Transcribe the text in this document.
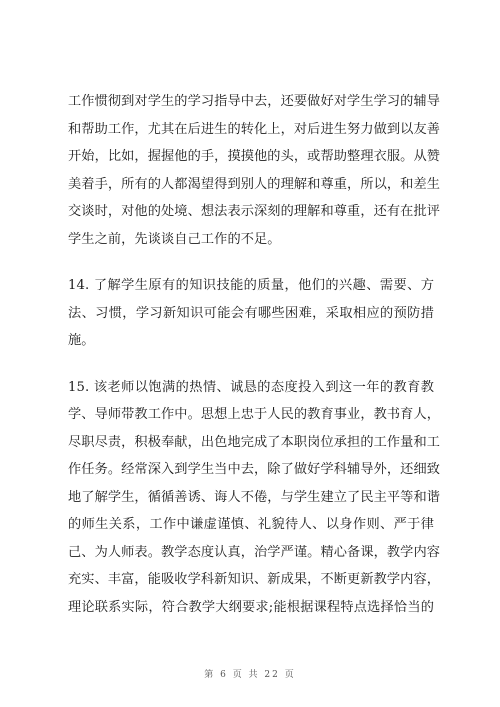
工作惯彻到对学生的学习指导中去，还要做好对学生学习的辅导
和帮助工作，尤其在后进生的转化上，对后进生努力做到以友善
开始，比如，握握他的手，摸摸他的头，或帮助整理衣服。从赞
美着手，所有的人都渴望得到别人的理解和尊重，所以，和差生
交谈时，对他的处境、想法表示深刻的理解和尊重，还有在批评
学生之前，先谈谈自己工作的不足。

14. 了解学生原有的知识技能的质量，他们的兴趣、需要、方
法、习惯，学习新知识可能会有哪些困难，采取相应的预防措
施。

15. 该老师以饱满的热情、诚恳的态度投入到这一年的教育教
学、导师带教工作中。思想上忠于人民的教育事业，教书育人，
尽职尽责，积极奉献，出色地完成了本职岗位承担的工作量和工
作任务。经常深入到学生当中去，除了做好学科辅导外，还细致
地了解学生，循循善诱、诲人不倦，与学生建立了民主平等和谐
的师生关系，工作中谦虚谨慎、礼貌待人、以身作则、严于律
己、为人师表。教学态度认真，治学严谨。精心备课，教学内容
充实、丰富，能吸收学科新知识、新成果，不断更新教学内容，
理论联系实际，符合教学大纲要求;能根据课程特点选择恰当的

第 6 页 共 22 页
